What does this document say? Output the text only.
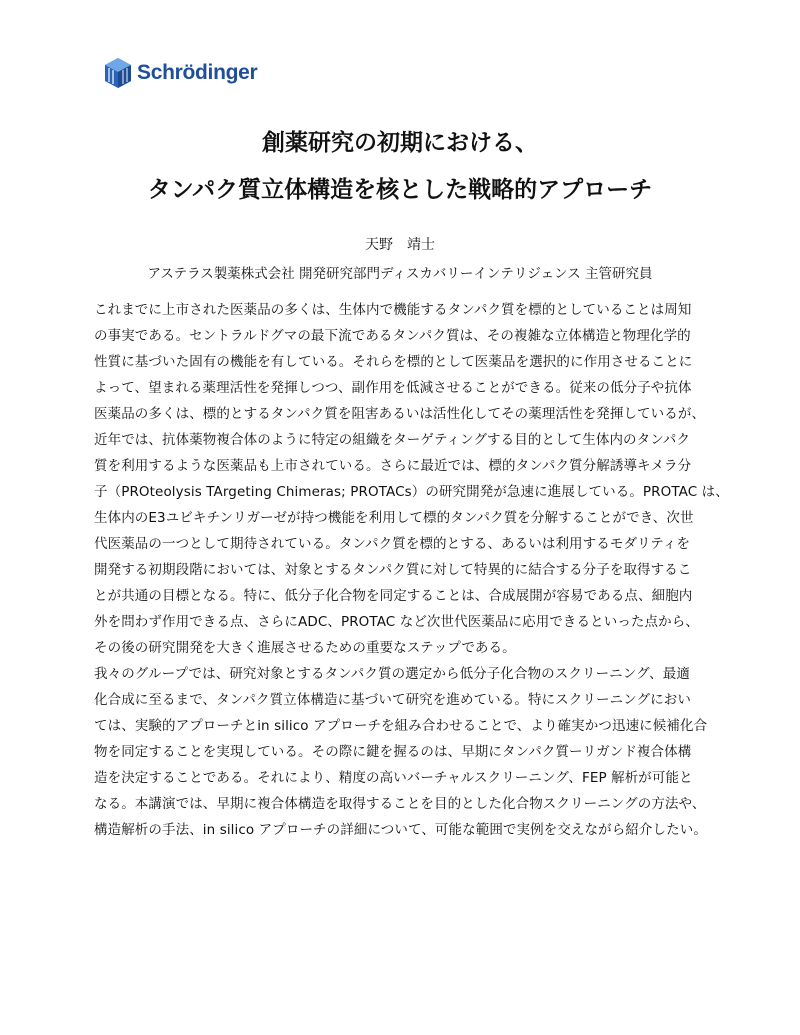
Schrödinger
創薬研究の初期における、
タンパク質立体構造を核とした戦略的アプローチ
天野　靖士
アステラス製薬株式会社 開発研究部門ディスカバリーインテリジェンス 主管研究員
これまでに上市された医薬品の多くは、生体内で機能するタンパク質を標的としていることは周知
の事実である。セントラルドグマの最下流であるタンパク質は、その複雑な立体構造と物理化学的
性質に基づいた固有の機能を有している。それらを標的として医薬品を選択的に作用させることに
よって、望まれる薬理活性を発揮しつつ、副作用を低減させることができる。従来の低分子や抗体
医薬品の多くは、標的とするタンパク質を阻害あるいは活性化してその薬理活性を発揮しているが、
近年では、抗体薬物複合体のように特定の組織をターゲティングする目的として生体内のタンパク
質を利用するような医薬品も上市されている。さらに最近では、標的タンパク質分解誘導キメラ分
子（PROteolysis TArgeting Chimeras; PROTACs）の研究開発が急速に進展している。PROTAC は、
生体内のE3ユビキチンリガーゼが持つ機能を利用して標的タンパク質を分解することができ、次世
代医薬品の一つとして期待されている。タンパク質を標的とする、あるいは利用するモダリティを
開発する初期段階においては、対象とするタンパク質に対して特異的に結合する分子を取得するこ
とが共通の目標となる。特に、低分子化合物を同定することは、合成展開が容易である点、細胞内
外を問わず作用できる点、さらにADC、PROTAC など次世代医薬品に応用できるといった点から、
その後の研究開発を大きく進展させるための重要なステップである。
我々のグループでは、研究対象とするタンパク質の選定から低分子化合物のスクリーニング、最適
化合成に至るまで、タンパク質立体構造に基づいて研究を進めている。特にスクリーニングにおい
ては、実験的アプローチとin silico アプローチを組み合わせることで、より確実かつ迅速に候補化合
物を同定することを実現している。その際に鍵を握るのは、早期にタンパク質ーリガンド複合体構
造を決定することである。それにより、精度の高いバーチャルスクリーニング、FEP 解析が可能と
なる。本講演では、早期に複合体構造を取得することを目的とした化合物スクリーニングの方法や、
構造解析の手法、in silico アプローチの詳細について、可能な範囲で実例を交えながら紹介したい。
